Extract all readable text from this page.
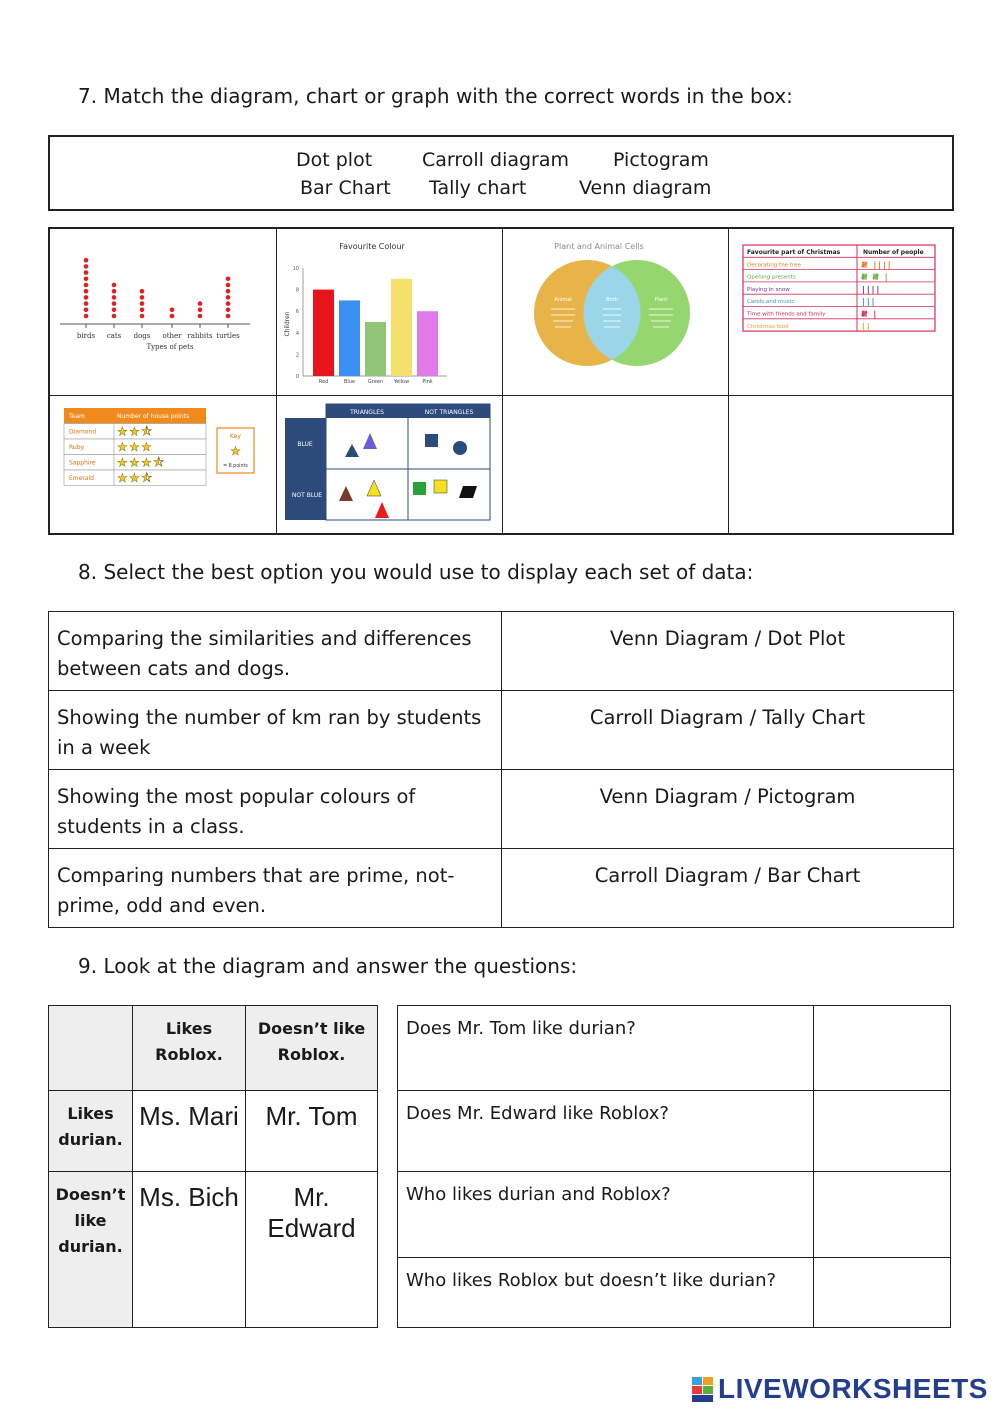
7. Match the diagram, chart or graph with the correct words in the box:
Dot plot	Carroll diagram Pictogram
Bar Chart Tally chart	Venn diagram
birds cats dogs other rabbits turtles
Types of pets
Favourite Colour
Children
0
2
4
6
8
10
Red	Blue	Green Yellow	Pink
Plant and Animal Cells
Animal	Both	Plant
Favourite part of Christmas	Number of people
Decorating the tree	𝍸 ||||
Opening presents	𝍸 𝍸 |
Playing in snow	||||
Carols and music	|||
Time with friends and family	𝍸 |
Christmas food	||
Team	Number of house points
Diamond ★ ★ ⯪
Ruby	★ ★ ★
Sapphire ★ ★ ★ ⯪
Emerald ★ ★ ⯪
Key
★
= 8 points
TRIANGLES	NOT TRIANGLES
BLUE
NOT BLUE
8. Select the best option you would use to display each set of data:
Comparing the similarities and differences between cats and dogs.	Venn Diagram / Dot Plot
Showing the number of km ran by students in a week	Carroll Diagram / Tally Chart
Showing the most popular colours of students in a class.	Venn Diagram / Pictogram
Comparing numbers that are prime, not-prime, odd and even.	Carroll Diagram / Bar Chart
9. Look at the diagram and answer the questions:
	Likes Roblox.	Doesn’t like Roblox.
Likes durian.	Ms. Mari	Mr. Tom
Doesn’t like durian.	Ms. Bich	Mr. Edward
Does Mr. Tom like durian?	
Does Mr. Edward like Roblox?	
Who likes durian and Roblox?	
Who likes Roblox but doesn’t like durian?	
LIVEWORKSHEETS
